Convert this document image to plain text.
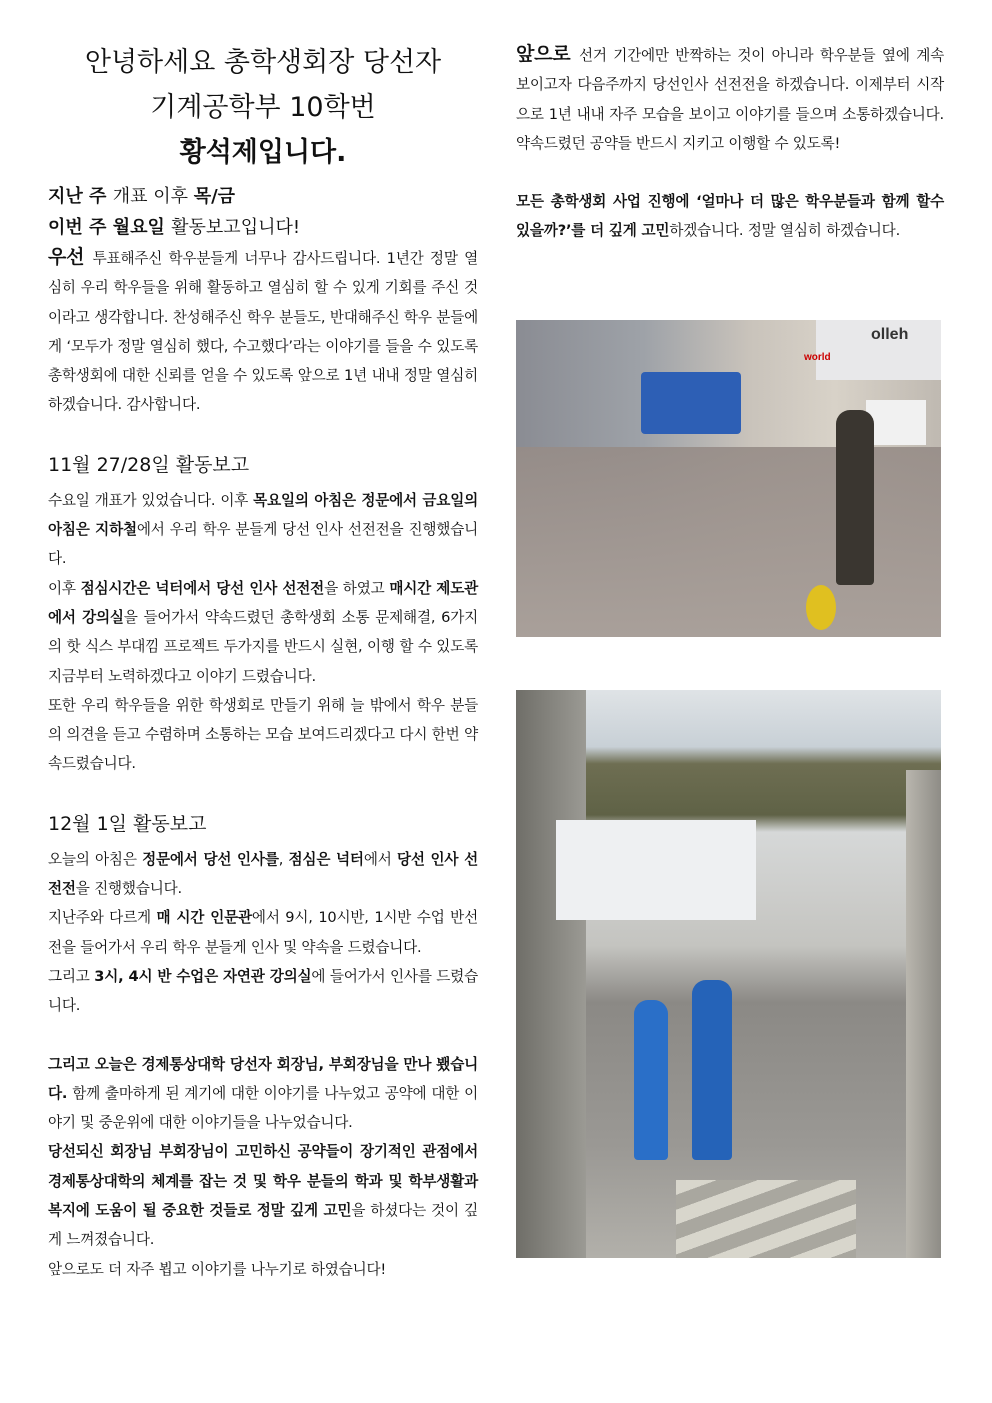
안녕하세요 총학생회장 당선자
기계공학부 10학번
황석제입니다.

지난 주 개표 이후 목/금

이번 주 월요일 활동보고입니다!

우선 투표해주신 학우분들게 너무나 감사드립니다. 1년간 정말 열심히 우리 학우들을 위해 활동하고 열심히 할 수 있게 기회를 주신 것이라고 생각합니다. 찬성해주신 학우 분들도, 반대해주신 학우 분들에게 ‘모두가 정말 열심히 했다, 수고했다’라는 이야기를 들을 수 있도록 총학생회에 대한 신뢰를 얻을 수 있도록 앞으로 1년 내내 정말 열심히 하겠습니다. 감사합니다.

11월 27/28일 활동보고

수요일 개표가 있었습니다. 이후 목요일의 아침은 정문에서 금요일의 아침은 지하철에서 우리 학우 분들게 당선 인사 선전전을 진행했습니다.

이후 점심시간은 넉터에서 당선 인사 선전전을 하였고 매시간 제도관에서 강의실을 들어가서 약속드렸던 총학생회 소통 문제해결, 6가지의 핫 식스 부대낌 프로젝트 두가지를 반드시 실현, 이행 할 수 있도록 지금부터 노력하겠다고 이야기 드렸습니다.

또한 우리 학우들을 위한 학생회로 만들기 위해 늘 밖에서 학우 분들의 의견을 듣고 수렴하며 소통하는 모습 보여드리겠다고 다시 한번 약속드렸습니다.

12월 1일 활동보고

오늘의 아침은 정문에서 당선 인사를, 점심은 넉터에서 당선 인사 선전전을 진행했습니다.

지난주와 다르게 매 시간 인문관에서 9시, 10시반, 1시반 수업 반선전을 들어가서 우리 학우 분들게 인사 및 약속을 드렸습니다.

그리고 3시, 4시 반 수업은 자연관 강의실에 들어가서 인사를 드렸습니다.

그리고 오늘은 경제통상대학 당선자 회장님, 부회장님을 만나 뵀습니다. 함께 출마하게 된 계기에 대한 이야기를 나누었고 공약에 대한 이야기 및 중운위에 대한 이야기들을 나누었습니다.

당선되신 회장님 부회장님이 고민하신 공약들이 장기적인 관점에서 경제통상대학의 체계를 잡는 것 및 학우 분들의 학과 및 학부생활과 복지에 도움이 될 중요한 것들로 정말 깊게 고민을 하셨다는 것이 깊게 느껴졌습니다.

앞으로도 더 자주 뵙고 이야기를 나누기로 하였습니다!

앞으로 선거 기간에만 반짝하는 것이 아니라 학우분들 옆에 계속 보이고자 다음주까지 당선인사 선전전을 하겠습니다. 이제부터 시작으로 1년 내내 자주 모습을 보이고 이야기를 들으며 소통하겠습니다. 약속드렸던 공약들 반드시 지키고 이행할 수 있도록!

모든 총학생회 사업 진행에 ‘얼마나 더 많은 학우분들과 함께 할수 있을까?’를 더 깊게 고민하겠습니다. 정말 열심히 하겠습니다.

olleh
world
